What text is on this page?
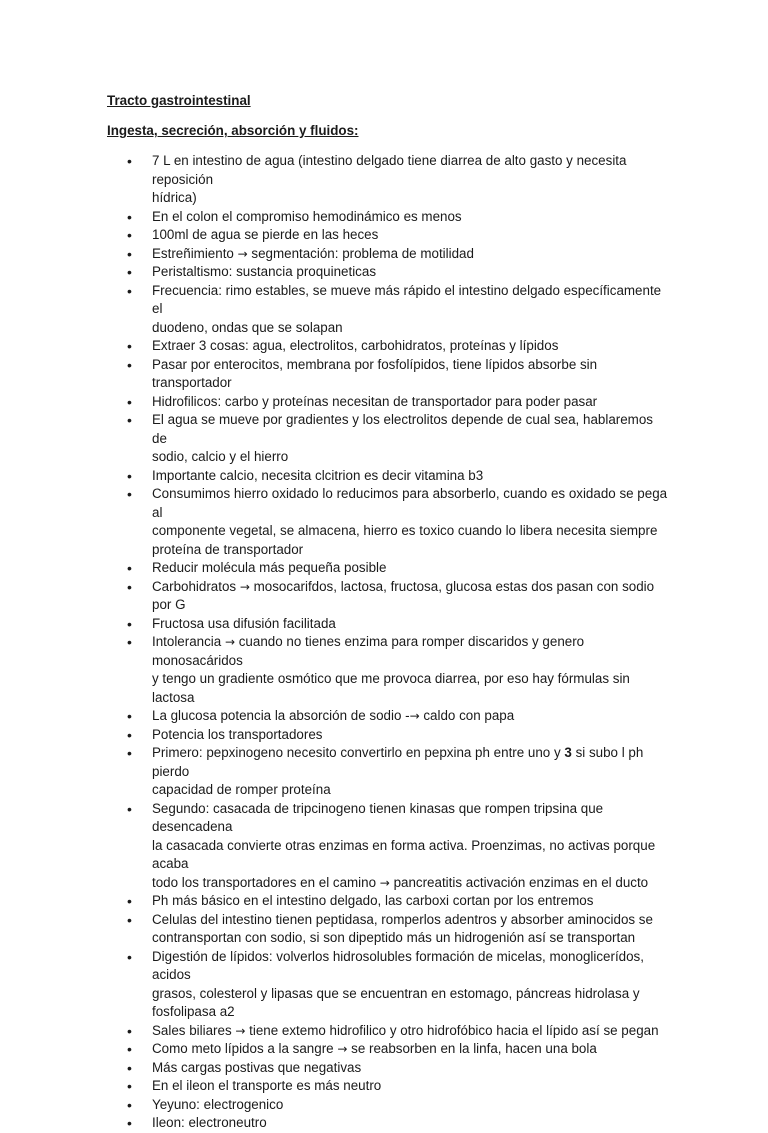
Tracto gastrointestinal

Ingesta, secreción, absorción y fluidos:

• 7 L en intestino de agua (intestino delgado tiene diarrea de alto gasto y necesita reposición
hídrica)
• En el colon el compromiso hemodinámico es menos
• 100ml de agua se pierde en las heces
• Estreñimiento → segmentación: problema de motilidad
• Peristaltismo: sustancia proquineticas
• Frecuencia: rimo estables, se mueve más rápido el intestino delgado específicamente el
duodeno, ondas que se solapan
• Extraer 3 cosas: agua, electrolitos, carbohidratos, proteínas y lípidos
• Pasar por enterocitos, membrana por fosfolípidos, tiene lípidos absorbe sin transportador
• Hidrofilicos: carbo y proteínas necesitan de transportador para poder pasar
• El agua se mueve por gradientes y los electrolitos depende de cual sea, hablaremos de
sodio, calcio y el hierro
• Importante calcio, necesita clcitrion es decir vitamina b3
• Consumimos hierro oxidado lo reducimos para absorberlo, cuando es oxidado se pega al
componente vegetal, se almacena, hierro es toxico cuando lo libera necesita siempre
proteína de transportador
• Reducir molécula más pequeña posible
• Carbohidratos → mosocarifdos, lactosa, fructosa, glucosa estas dos pasan con sodio por G
• Fructosa usa difusión facilitada
• Intolerancia → cuando no tienes enzima para romper discaridos y genero monosacáridos
y tengo un gradiente osmótico que me provoca diarrea, por eso hay fórmulas sin lactosa
• La glucosa potencia la absorción de sodio -→ caldo con papa
• Potencia los transportadores
• Primero: pepxinogeno necesito convertirlo en pepxina ph entre uno y 3 si subo l ph pierdo
capacidad de romper proteína
• Segundo: casacada de tripcinogeno tienen kinasas que rompen tripsina que desencadena
la casacada convierte otras enzimas en forma activa. Proenzimas, no activas porque acaba
todo los transportadores en el camino → pancreatitis activación enzimas en el ducto
• Ph más básico en el intestino delgado, las carboxi cortan por los entremos
• Celulas del intestino tienen peptidasa, romperlos adentros y absorber aminocidos se
contransportan con sodio, si son dipeptido más un hidrogenión así se transportan
• Digestión de lípidos: volverlos hidrosolubles formación de micelas, monoglicerídos, acidos
grasos, colesterol y lipasas que se encuentran en estomago, páncreas hidrolasa y
fosfolipasa a2
• Sales biliares → tiene extemo hidrofilico y otro hidrofóbico hacia el lípido así se pegan
• Como meto lípidos a la sangre → se reabsorben en la linfa, hacen una bola
• Más cargas postivas que negativas
• En el ileon el transporte es más neutro
• Yeyuno: electrogenico
• Ileon: electroneutro
